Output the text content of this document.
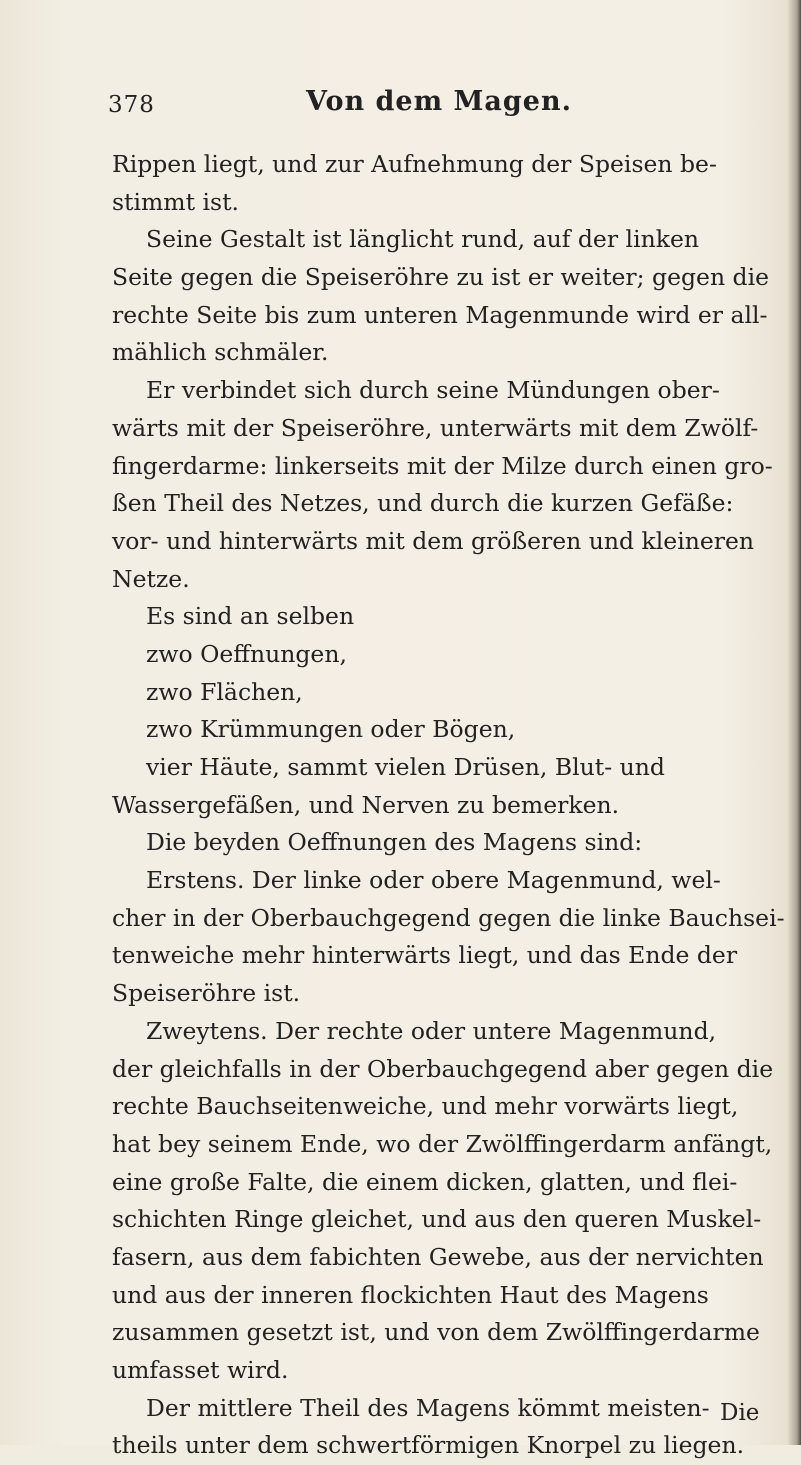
378	Von dem Magen.
Rippen liegt, und zur Aufnehmung der Speisen be-
stimmt ist.
Seine Gestalt ist länglicht rund, auf der linken
Seite gegen die Speiseröhre zu ist er weiter; gegen die
rechte Seite bis zum unteren Magenmunde wird er all-
mählich schmäler.
Er verbindet sich durch seine Mündungen ober-
wärts mit der Speiseröhre, unterwärts mit dem Zwölf-
fingerdarme: linkerseits mit der Milze durch einen gro-
ßen Theil des Netzes, und durch die kurzen Gefäße:
vor- und hinterwärts mit dem größeren und kleineren
Netze.
Es sind an selben
zwo Oeffnungen,
zwo Flächen,
zwo Krümmungen oder Bögen,
vier Häute, sammt vielen Drüsen, Blut- und
Wassergefäßen, und Nerven zu bemerken.
Die beyden Oeffnungen des Magens sind:
Erstens. Der linke oder obere Magenmund, wel-
cher in der Oberbauchgegend gegen die linke Bauchsei-
tenweiche mehr hinterwärts liegt, und das Ende der
Speiseröhre ist.
Zweytens. Der rechte oder untere Magenmund,
der gleichfalls in der Oberbauchgegend aber gegen die
rechte Bauchseitenweiche, und mehr vorwärts liegt,
hat bey seinem Ende, wo der Zwölffingerdarm anfängt,
eine große Falte, die einem dicken, glatten, und flei-
schichten Ringe gleichet, und aus den queren Muskel-
fasern, aus dem fabichten Gewebe, aus der nervichten
und aus der inneren flockichten Haut des Magens
zusammen gesetzt ist, und von dem Zwölffingerdarme
umfasset wird.
Der mittlere Theil des Magens kömmt meisten-
theils unter dem schwertförmigen Knorpel zu liegen.
Die
